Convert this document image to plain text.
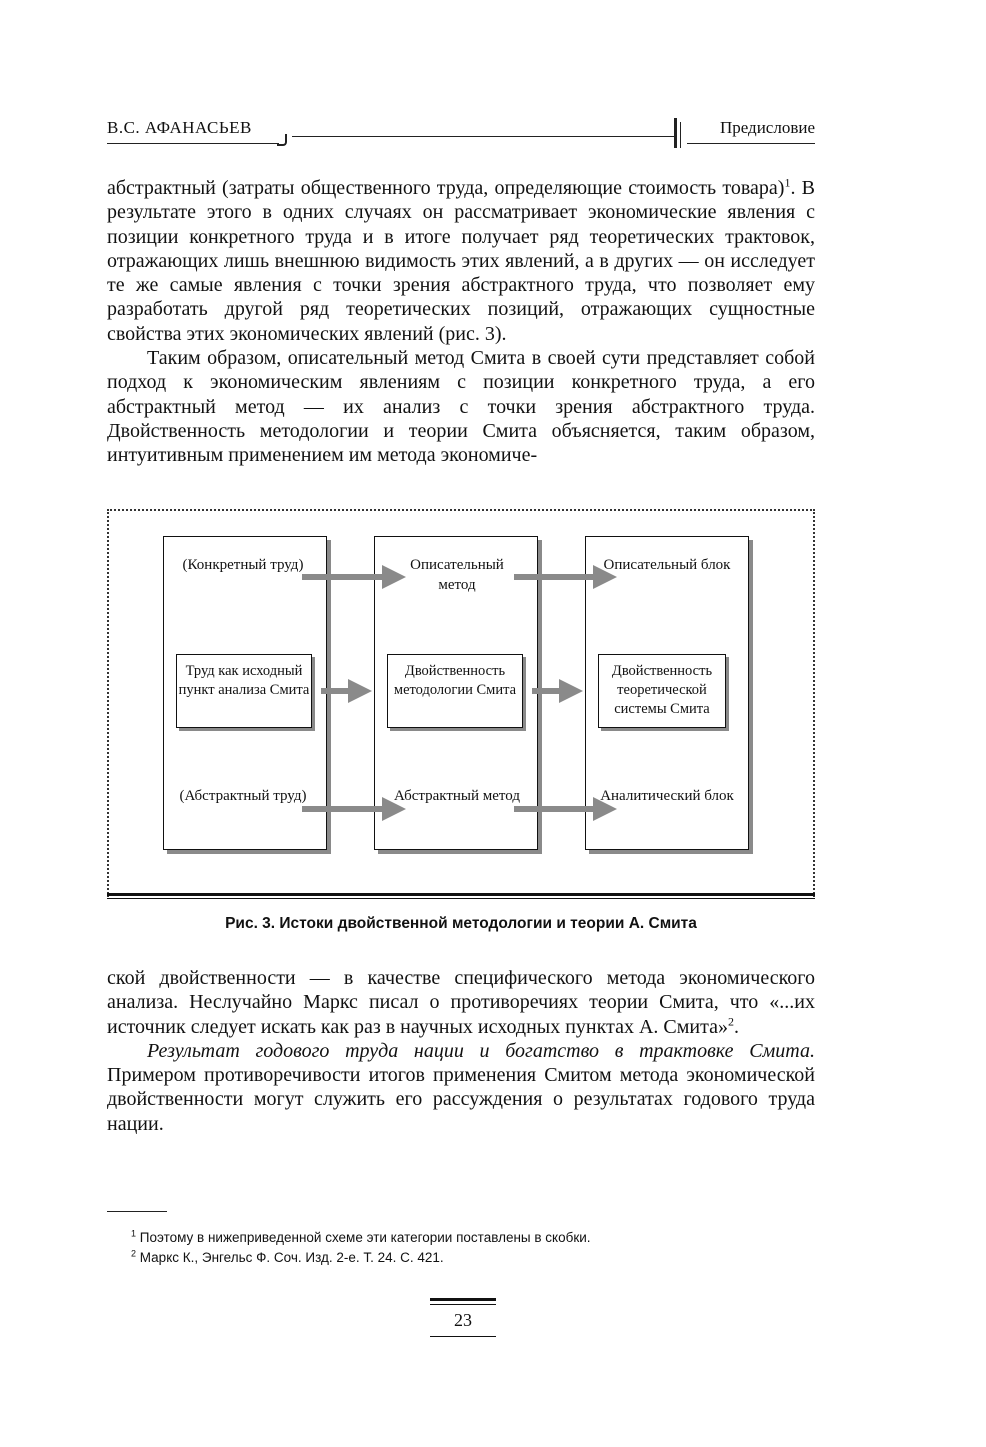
В.С. АФАНАСЬЕВ	Предисловие

абстрактный (затраты общественного труда, определяющие стоимость товара)$^1$. В результате этого в одних случаях он рассматривает экономические явления с позиции конкретного труда и в итоге получает ряд теоретических трактовок, отражающих лишь внешнюю видимость этих явлений, а в других — он исследует те же самые явления с точки зрения абстрактного труда, что позволяет ему разработать другой ряд теоретических позиций, отражающих сущностные свойства этих экономических явлений (рис. 3).

Таким образом, описательный метод Смита в своей сути представляет собой подход к экономическим явлениям с позиции конкретного труда, а его абстрактный метод — их анализ с точки зрения абстрактного труда. Двойственность методологии и теории Смита объясняется, таким образом, интуитивным применением им метода экономиче-

(Конкретный труд)
Труд как исходный пункт анализа Смита
(Абстрактный труд)
Описательный метод
Двойственность методологии Смита
Абстрактный метод
Описательный блок
Двойственность теоретической системы Смита
Аналитический блок
Рис. 3. Истоки двойственной методологии и теории А. Смита

ской двойственности — в качестве специфического метода экономического анализа. Неслучайно Маркс писал о противоречиях теории Смита, что «...их источник следует искать как раз в научных исходных пунктах А. Смита»$^2$.

Результат годового труда нации и богатство в трактовке Смита. Примером противоречивости итогов применения Смитом метода экономической двойственности могут служить его рассуждения о результатах годового труда нации.

$^1$ Поэтому в нижеприведенной схеме эти категории поставлены в скобки.
$^2$ Маркс К., Энгельс Ф. Соч. Изд. 2-е. Т. 24. С. 421.
23
